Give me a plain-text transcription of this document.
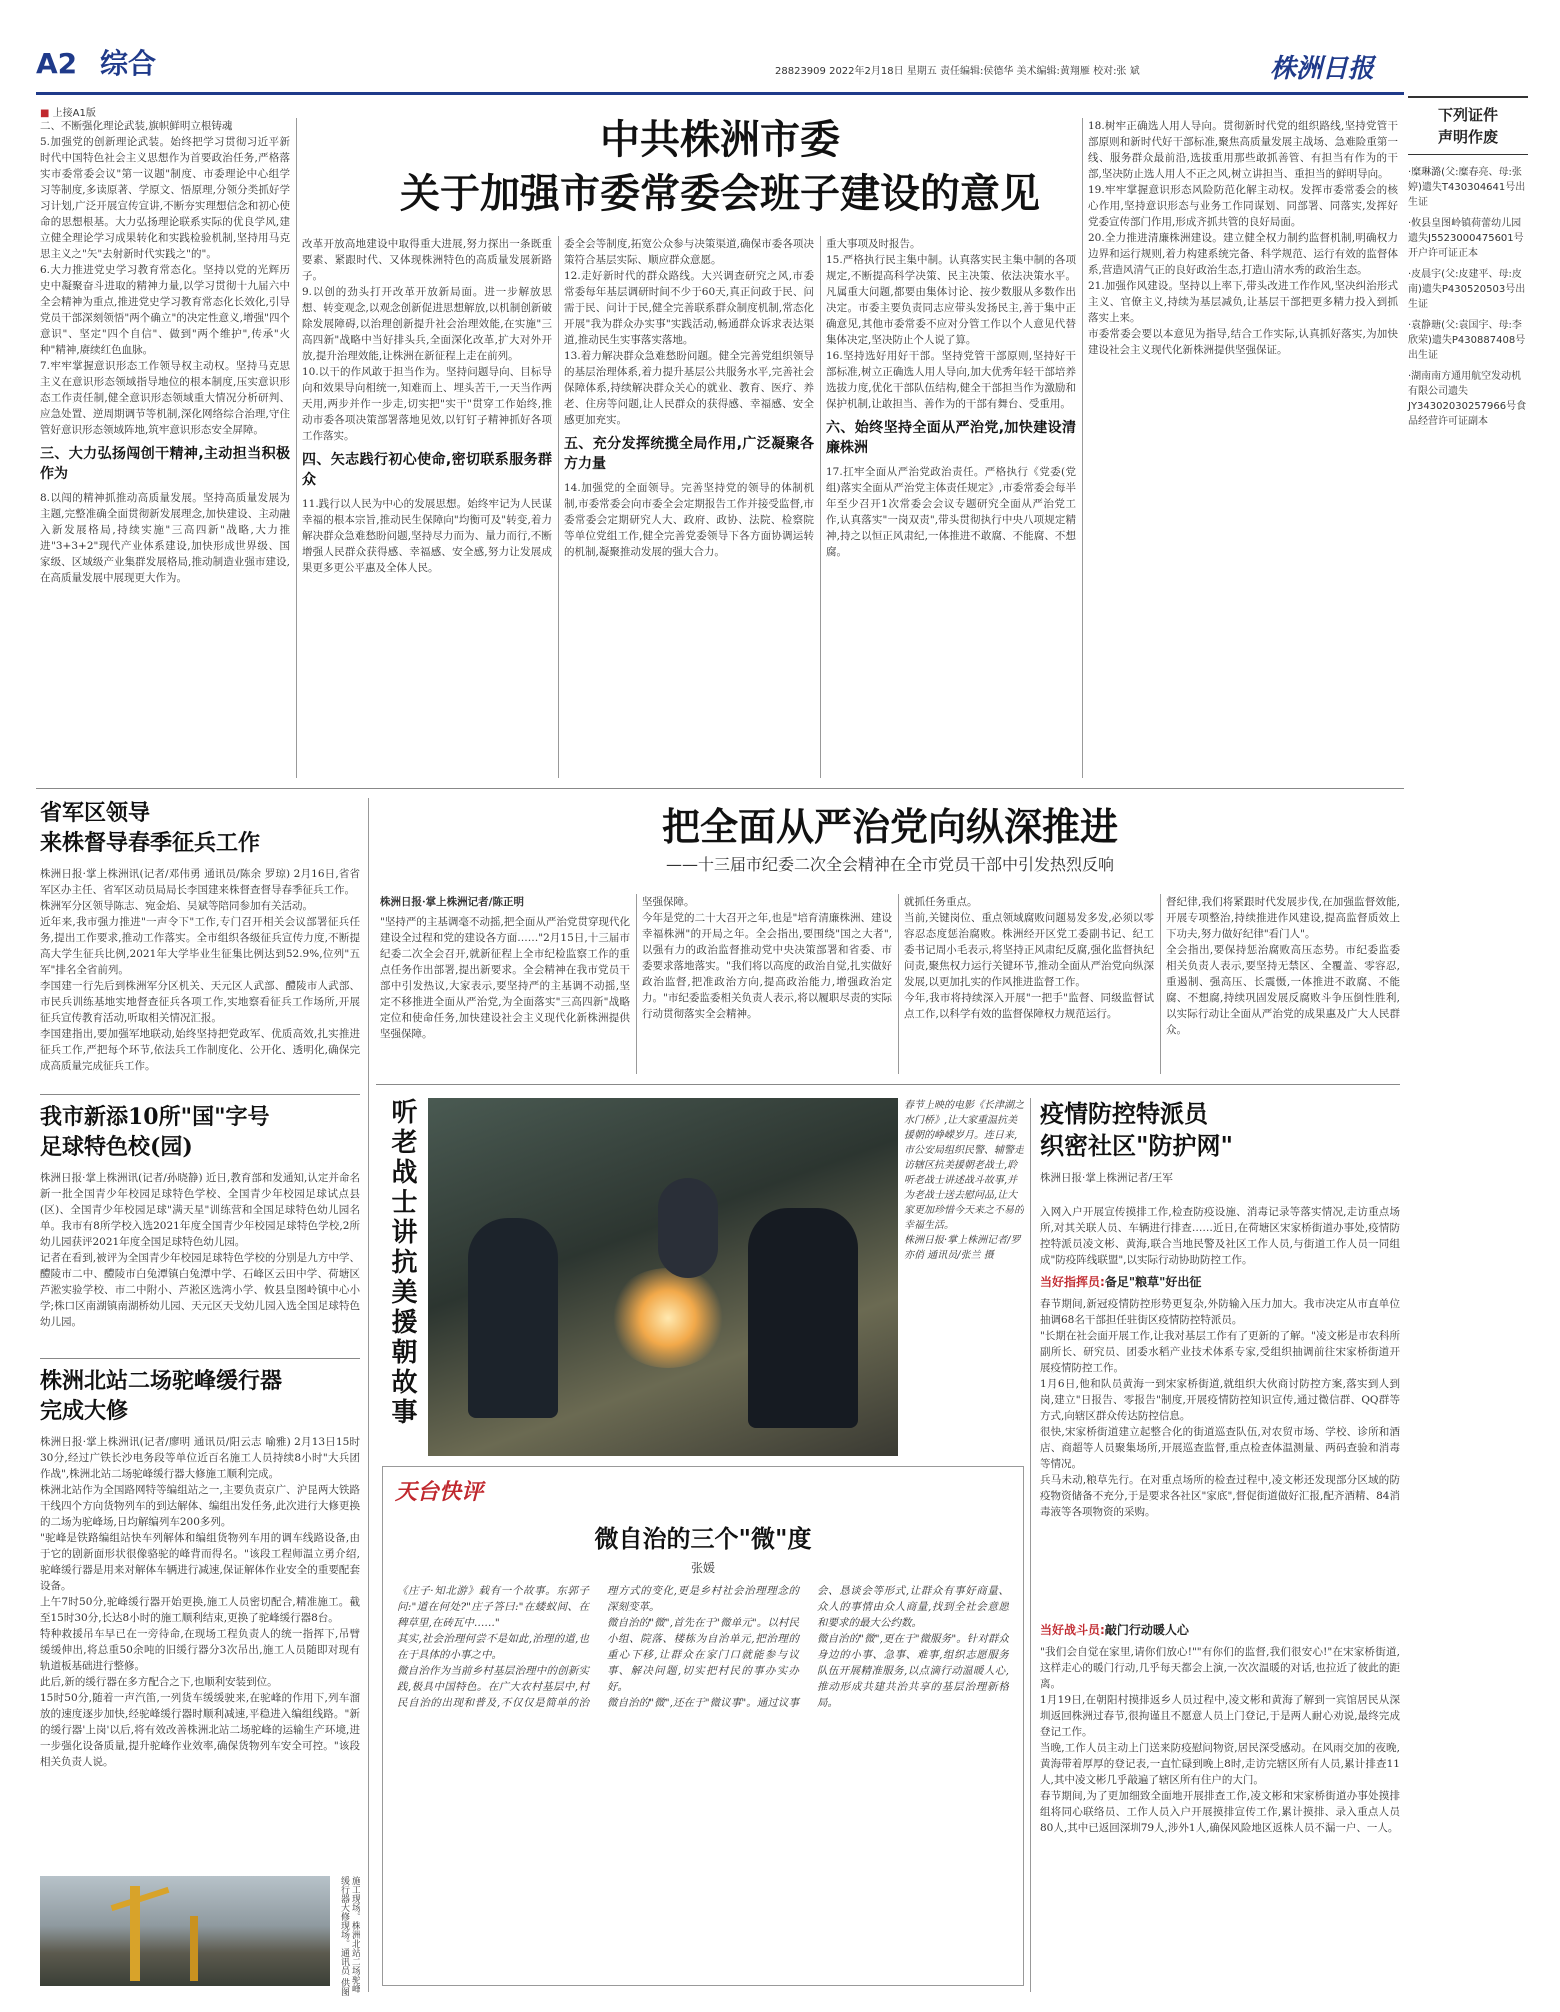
A2 综合	28823909 2022年2月18日 星期五 责任编辑:侯德华 美术编辑:黄翔雁 校对:张 斌	株洲日报
下列证件
声明作废

·糜琳潞(父:糜春亮、母:张 婷)遗失T430304641号出生证

·攸县皇图岭镇荷蕾幼儿园遗失J5523000475601号开户许可证正本

·皮晨宇(父:皮建平、母:皮 南)遗失P430520503号出生证

·袁静瑭(父:袁国宇、母:李欣荣)遗失P430887408号出生证

·湖南南方通用航空发动机有限公司遗失JY34302030257966号食品经营许可证副本

■ 上接A1版
中共株洲市委
关于加强市委常委会班子建设的意见
二、不断强化理论武装,旗帜鲜明立根铸魂
5.加强党的创新理论武装。始终把学习贯彻习近平新时代中国特色社会主义思想作为首要政治任务,严格落实市委常委会议"第一议题"制度、市委理论中心组学习等制度,多读原著、学原文、悟原理,分领分类抓好学习计划,广泛开展宣传宣讲,不断夯实理想信念和初心使命的思想根基。大力弘扬理论联系实际的优良学风,建立健全理论学习成果转化和实践检验机制,坚持用马克思主义之"矢"去射新时代实践之"的"。
6.大力推进党史学习教育常态化。坚持以党的光辉历史中凝聚奋斗进取的精神力量,以学习贯彻十九届六中全会精神为重点,推进党史学习教育常态化长效化,引导党员干部深刻领悟"两个确立"的决定性意义,增强"四个意识"、坚定"四个自信"、做到"两个维护",传承"火种"精神,赓续红色血脉。
7.牢牢掌握意识形态工作领导权主动权。坚持马克思主义在意识形态领域指导地位的根本制度,压实意识形态工作责任制,健全意识形态领域重大情况分析研判、应急处置、逆周期调节等机制,深化网络综合治理,守住管好意识形态领域阵地,筑牢意识形态安全屏障。
三、大力弘扬闯创干精神,主动担当积极作为
8.以闯的精神抓推动高质量发展。坚持高质量发展为主题,完整准确全面贯彻新发展理念,加快建设、主动融入新发展格局,持续实施"三高四新"战略,大力推进"3+3+2"现代产业体系建设,加快形成世界级、国家级、区域级产业集群发展格局,推动制造业强市建设,在高质量发展中展现更大作为。
改革开放高地建设中取得重大进展,努力探出一条既重要素、紧跟时代、又体现株洲特色的高质量发展新路子。
9.以创的劲头打开改革开放新局面。进一步解放思想、转变观念,以观念创新促进思想解放,以机制创新破除发展障碍,以治理创新提升社会治理效能,在实施"三高四新"战略中当好排头兵,全面深化改革,扩大对外开放,提升治理效能,让株洲在新征程上走在前列。
10.以干的作风敢于担当作为。坚持问题导向、目标导向和效果导向相统一,知难而上、埋头苦干,一天当作两天用,两步并作一步走,切实把"实干"贯穿工作始终,推动市委各项决策部署落地见效,以钉钉子精神抓好各项工作落实。
四、矢志践行初心使命,密切联系服务群众
11.践行以人民为中心的发展思想。始终牢记为人民谋幸福的根本宗旨,推动民生保障向"均衡可及"转变,着力解决群众急难愁盼问题,坚持尽力而为、量力而行,不断增强人民群众获得感、幸福感、安全感,努力让发展成果更多更公平惠及全体人民。
委全会等制度,拓宽公众参与决策渠道,确保市委各项决策符合基层实际、顺应群众意愿。
12.走好新时代的群众路线。大兴调查研究之风,市委常委每年基层调研时间不少于60天,真正问政于民、问需于民、问计于民,健全完善联系群众制度机制,常态化开展"我为群众办实事"实践活动,畅通群众诉求表达渠道,推动民生实事落实落地。
13.着力解决群众急难愁盼问题。健全完善党组织领导的基层治理体系,着力提升基层公共服务水平,完善社会保障体系,持续解决群众关心的就业、教育、医疗、养老、住房等问题,让人民群众的获得感、幸福感、安全感更加充实。
五、充分发挥统揽全局作用,广泛凝聚各方力量
14.加强党的全面领导。完善坚持党的领导的体制机制,市委常委会向市委全会定期报告工作并接受监督,市委常委会定期研究人大、政府、政协、法院、检察院等单位党组工作,健全完善党委领导下各方面协调运转的机制,凝聚推动发展的强大合力。
重大事项及时报告。
15.严格执行民主集中制。认真落实民主集中制的各项规定,不断提高科学决策、民主决策、依法决策水平。凡属重大问题,都要由集体讨论、按少数服从多数作出决定。市委主要负责同志应带头发扬民主,善于集中正确意见,其他市委常委不应对分管工作以个人意见代替集体决定,坚决防止个人说了算。
16.坚持选好用好干部。坚持党管干部原则,坚持好干部标准,树立正确选人用人导向,加大优秀年轻干部培养选拔力度,优化干部队伍结构,健全干部担当作为激励和保护机制,让敢担当、善作为的干部有舞台、受重用。
六、始终坚持全面从严治党,加快建设清廉株洲
17.扛牢全面从严治党政治责任。严格执行《党委(党组)落实全面从严治党主体责任规定》,市委常委会每半年至少召开1次常委会会议专题研究全面从严治党工作,认真落实"一岗双责",带头贯彻执行中央八项规定精神,持之以恒正风肃纪,一体推进不敢腐、不能腐、不想腐。
18.树牢正确选人用人导向。贯彻新时代党的组织路线,坚持党管干部原则和新时代好干部标准,聚焦高质量发展主战场、急难险重第一线、服务群众最前沿,选拔重用那些敢抓善管、有担当有作为的干部,坚决防止选人用人不正之风,树立讲担当、重担当的鲜明导向。
19.牢牢掌握意识形态风险防范化解主动权。发挥市委常委会的核心作用,坚持意识形态与业务工作同谋划、同部署、同落实,发挥好党委宣传部门作用,形成齐抓共管的良好局面。
20.全力推进清廉株洲建设。建立健全权力制约监督机制,明确权力边界和运行规则,着力构建系统完备、科学规范、运行有效的监督体系,营造风清气正的良好政治生态,打造山清水秀的政治生态。
21.加强作风建设。坚持以上率下,带头改进工作作风,坚决纠治形式主义、官僚主义,持续为基层减负,让基层干部把更多精力投入到抓落实上来。
市委常委会要以本意见为指导,结合工作实际,认真抓好落实,为加快建设社会主义现代化新株洲提供坚强保证。
省军区领导
来株督导春季征兵工作
株洲日报·掌上株洲讯(记者/邓伟勇 通讯员/陈余 罗琼) 2月16日,省省军区办主任、省军区动员局局长李国建来株督查督导春季征兵工作。
株洲军分区领导陈志、宛金焰、吴斌等陪同参加有关活动。
近年来,我市强力推进"一声令下"工作,专门召开相关会议部署征兵任务,提出工作要求,推动工作落实。全市组织各级征兵宣传力度,不断提高大学生征兵比例,2021年大学毕业生征集比例达到52.9%,位列"五军"排名全省前列。
李国建一行先后到株洲军分区机关、天元区人武部、醴陵市人武部、市民兵训练基地实地督查征兵各项工作,实地察看征兵工作场所,开展征兵宣传教育活动,听取相关情况汇报。
李国建指出,要加强军地联动,始终坚持把党政军、优质高效,扎实推进征兵工作,严把每个环节,依法兵工作制度化、公开化、透明化,确保完成高质量完成征兵工作。
我市新添10所"国"字号
足球特色校(园)
株洲日报·掌上株洲讯(记者/孙晓静) 近日,教育部和发通知,认定并命名新一批全国青少年校园足球特色学校、全国青少年校园足球试点县(区)、全国青少年校园足球"满天星"训练营和全国足球特色幼儿园名单。我市有8所学校入选2021年度全国青少年校园足球特色学校,2所幼儿园获评2021年度全国足球特色幼儿园。
记者在看到,被评为全国青少年校园足球特色学校的分别是九方中学、醴陵市二中、醴陵市白兔潭镇白兔潭中学、石峰区云田中学、荷塘区芦淞实验学校、市二中附小、芦淞区选湾小学、攸县皇图岭镇中心小学;株口区南湖镇南湖桥幼儿园、天元区天戈幼儿园入选全国足球特色幼儿园。
株洲北站二场驼峰缓行器
完成大修
株洲日报·掌上株洲讯(记者/廖明 通讯员/阳云志 喻雅) 2月13日15时30分,经过广铁长沙电务段等单位近百名施工人员持续8小时"大兵团作战",株洲北站二场驼峰缓行器大修施工顺利完成。
株洲北站作为全国路网特等编组站之一,主要负责京广、沪昆两大铁路干线四个方向货物列车的到达解体、编组出发任务,此次进行大修更换的二场为驼峰场,日均解编列车200多列。
"驼峰是铁路编组站快车列解体和编组货物列车用的调车线路设备,由于它的剧新面形状很像骆驼的峰背而得名。"该段工程师温立勇介绍,驼峰缓行器是用来对解体车辆进行减速,保证解体作业安全的重要配套设备。
上午7时50分,驼峰缓行器开始更换,施工人员密切配合,精准施工。截至15时30分,长达8小时的施工顺利结束,更换了驼峰缓行器8台。
特种救援吊车早已在一旁待命,在现场工程负责人的统一指挥下,吊臂缓缓伸出,将总重50余吨的旧缓行器分3次吊出,施工人员随即对现有轨道板基础进行整修。
此后,新的缓行器在多方配合之下,也顺利安装到位。
15时50分,随着一声汽笛,一列货车缓缓驶来,在驼峰的作用下,列车溜放的速度逐步加快,经驼峰缓行器时顺利减速,平稳进入编组线路。"新的缓行器'上岗'以后,将有效改善株洲北站二场驼峰的运输生产环境,进一步强化设备质量,提升驼峰作业效率,确保货物列车安全可控。"该段相关负责人说。
施工现场。株洲北站二场驼峰缓行器大修现场。通讯员 供图
把全面从严治党向纵深推进
——十三届市纪委二次全会精神在全市党员干部中引发热烈反响
株洲日报·掌上株洲记者/陈正明
"坚持严的主基调毫不动摇,把全面从严治党贯穿现代化建设全过程和党的建设各方面……"2月15日,十三届市纪委二次全会召开,就新征程上全市纪检监察工作的重点任务作出部署,提出新要求。全会精神在我市党员干部中引发热议,大家表示,要坚持严的主基调不动摇,坚定不移推进全面从严治党,为全面落实"三高四新"战略定位和使命任务,加快建设社会主义现代化新株洲提供坚强保障。
坚强保障。
今年是党的二十大召开之年,也是"培育清廉株洲、建设幸福株洲"的开局之年。全会指出,要围绕"国之大者",以强有力的政治监督推动党中央决策部署和省委、市委要求落地落实。"我们将以高度的政治自觉,扎实做好政治监督,把准政治方向,提高政治能力,增强政治定力。"市纪委监委相关负责人表示,将以履职尽责的实际行动贯彻落实全会精神。
就抓任务重点。
当前,关键岗位、重点领域腐败问题易发多发,必须以零容忍态度惩治腐败。株洲经开区党工委副书记、纪工委书记周小毛表示,将坚持正风肃纪反腐,强化监督执纪问责,聚焦权力运行关键环节,推动全面从严治党向纵深发展,以更加扎实的作风推进监督工作。
今年,我市将持续深入开展"一把手"监督、同级监督试点工作,以科学有效的监督保障权力规范运行。
督纪律,我们将紧跟时代发展步伐,在加强监督效能,开展专项整治,持续推进作风建设,提高监督质效上下功夫,努力做好纪律"看门人"。
全会指出,要保持惩治腐败高压态势。市纪委监委相关负责人表示,要坚持无禁区、全覆盖、零容忍,重遏制、强高压、长震慑,一体推进不敢腐、不能腐、不想腐,持续巩固发展反腐败斗争压倒性胜利,以实际行动让全面从严治党的成果惠及广大人民群众。
听老战士讲抗美援朝故事	春节上映的电影《长津湖之水门桥》,让大家重温抗美援朝的峥嵘岁月。连日来,市公安局组织民警、辅警走访辖区抗美援朝老战士,聆听老战士讲述战斗故事,并为老战士送去慰问品,让大家更加珍惜今天来之不易的幸福生活。
株洲日报·掌上株洲记者/罗亦俏 通讯员/张兰 摄
天台快评
微自治的三个"微"度
张媛
《庄子·知北游》载有一个故事。东郭子问:"道在何处?"庄子答曰:"在蝼蚁间、在稗草里,在砖瓦中……"
其实,社会治理何尝不是如此,治理的道,也在于具体的小事之中。
微自治作为当前乡村基层治理中的创新实践,极具中国特色。在广大农村基层中,村民自治的出现和普及,不仅仅是简单的治理方式的变化,更是乡村社会治理理念的深刻变革。
微自治的"微",首先在于"微单元"。以村民小组、院落、楼栋为自治单元,把治理的重心下移,让群众在家门口就能参与议事、解决问题,切实把村民的事办实办好。
微自治的"微",还在于"微议事"。通过议事会、恳谈会等形式,让群众有事好商量、众人的事情由众人商量,找到全社会意愿和要求的最大公约数。
微自治的"微",更在于"微服务"。针对群众身边的小事、急事、难事,组织志愿服务队伍开展精准服务,以点滴行动温暖人心,推动形成共建共治共享的基层治理新格局。
疫情防控特派员
织密社区"防护网"
株洲日报·掌上株洲记者/王军
入网入户开展宣传摸排工作,检查防疫设施、消毒记录等落实情况,走访重点场所,对其关联人员、车辆进行排查……近日,在荷塘区宋家桥街道办事处,疫情防控特派员凌文彬、黄海,联合当地民警及社区工作人员,与街道工作人员一同组成"防疫阵线联盟",以实际行动协助防控工作。
当好指挥员:备足"粮草"好出征
春节期间,新冠疫情防控形势更复杂,外防输入压力加大。我市决定从市直单位抽调68名干部担任驻街区疫情防控特派员。
"长期在社会面开展工作,让我对基层工作有了更新的了解。"凌文彬是市农科所副所长、研究员、团委水稻产业技术体系专家,受组织抽调前往宋家桥街道开展疫情防控工作。
1月6日,他和队员黄海一到宋家桥街道,就组织大伙商讨防控方案,落实到人到岗,建立"日报告、零报告"制度,开展疫情防控知识宣传,通过微信群、QQ群等方式,向辖区群众传达防控信息。
很快,宋家桥街道建立起整合化的街道巡查队伍,对农贸市场、学校、诊所和酒店、商超等人员聚集场所,开展巡查监督,重点检查体温测量、两码查验和消毒等情况。
兵马未动,粮草先行。在对重点场所的检查过程中,凌文彬还发现部分区域的防疫物资储备不充分,于是要求各社区"家底",督促街道做好汇报,配齐酒精、84消毒液等各项物资的采购。
当好战斗员:敲门行动暖人心
"我们会自觉在家里,请你们放心!""有你们的监督,我们很安心!"在宋家桥街道,这样走心的暖门行动,几乎每天都会上演,一次次温暖的对话,也拉近了彼此的距离。
1月19日,在朝阳村摸排返乡人员过程中,凌文彬和黄海了解到一宾馆居民从深圳返回株洲过春节,很拘谨且不愿意人员上门登记,于是两人耐心劝说,最终完成登记工作。
当晚,工作人员主动上门送来防疫慰问物资,居民深受感动。在风雨交加的夜晚,黄海带着厚厚的登记表,一直忙碌到晚上8时,走访完辖区所有人员,累计排查11人,其中凌文彬几乎敲遍了辖区所有住户的大门。
春节期间,为了更加细致全面地开展排查工作,凌文彬和宋家桥街道办事处摸排组将同心联络员、工作人员入户开展摸排宣传工作,累计摸排、录入重点人员80人,其中已返回深圳79人,涉外1人,确保风险地区返株人员不漏一户、一人。
